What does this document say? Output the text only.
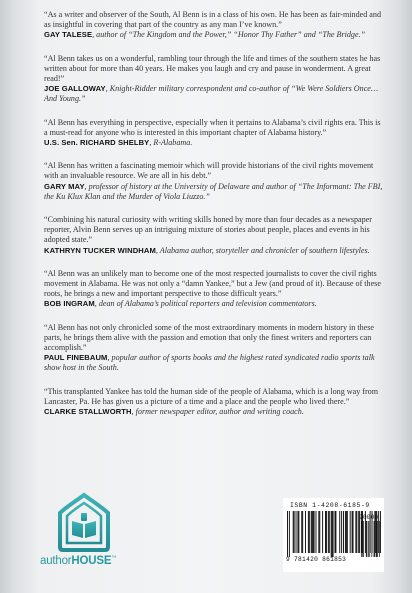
“As a writer and observer of the South, Al Benn is in a class of his own. He has been as fair-minded and as insightful in covering that part of the country as any man I’ve known.”

GAY TALESE, author of “The Kingdom and the Power,” “Honor Thy Father” and “The Bridge.”

“Al Benn takes us on a wonderful, rambling tour through the life and times of the southern states he has written about for more than 40 years. He makes you laugh and cry and pause in wonderment. A great read!”

JOE GALLOWAY, Knight-Ridder military correspondent and co-author of “We Were Soldiers Once…And Young.”

“Al Benn has everything in perspective, especially when it pertains to Alabama’s civil rights era. This is a must-read for anyone who is interested in this important chapter of Alabama history.”

U.S. Sen. RICHARD SHELBY, R-Alabama.

“Al Benn has written a fascinating memoir which will provide historians of the civil rights movement with an invaluable resource. We are all in his debt.”

GARY MAY, professor of history at the University of Delaware and author of “The Informant: The FBI, the Ku Klux Klan and the Murder of Viola Liuzzo.”

“Combining his natural curiosity with writing skills honed by more than four decades as a newspaper reporter, Alvin Benn serves up an intriguing mixture of stories about people, places and events in his adopted state.”

KATHRYN TUCKER WINDHAM, Alabama author, storyteller and chronicler of southern lifestyles.

“Al Benn was an unlikely man to become one of the most respected journalists to cover the civil rights movement in Alabama. He was not only a “damn Yankee,” but a Jew (and proud of it). Because of these roots, he brings a new and important perspective to those difficult years.”

BOB INGRAM, dean of Alabama’s political reporters and television commentators.

“Al Benn has not only chronicled some of the most extraordinary moments in modern history in these parts, he brings them alive with the passion and emotion that only the finest writers and reporters can accomplish.”

PAUL FINEBAUM, popular author of sports books and the highest rated syndicated radio sports talk show host in the South.

“This transplanted Yankee has told the human side of the people of Alabama, which is a long way from Lancaster, Pa. He has given us a picture of a time and a place and the people who lived there.”

CLARKE STALLWORTH, former newspaper editor, author and writing coach.

authorHOUSE™
ISBN 1-4208-6185-9
90000
9 781420 861853
